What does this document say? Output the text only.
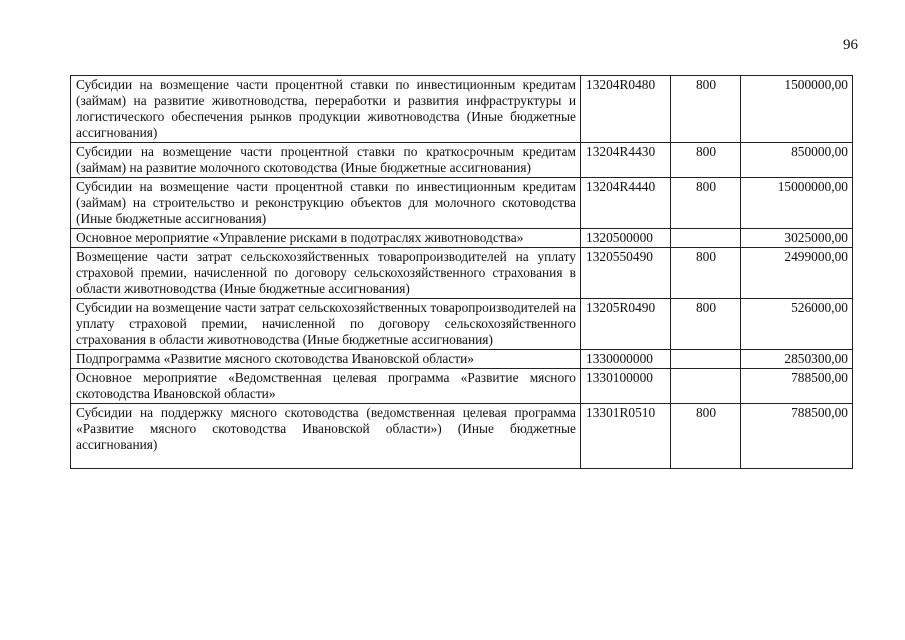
96
Субсидии на возмещение части процентной ставки по инвестиционным кредитам (займам) на развитие животноводства, переработки и развития инфраструктуры и логистического обеспечения рынков продукции животноводства (Иные бюджетные ассигнования)	13204R0480	800	1500000,00
Субсидии на возмещение части процентной ставки по краткосрочным кредитам (займам) на развитие молочного скотоводства (Иные бюджетные ассигнования)	13204R4430	800	850000,00
Субсидии на возмещение части процентной ставки по инвестиционным кредитам (займам) на строительство и реконструкцию объектов для молочного скотоводства (Иные бюджетные ассигнования)	13204R4440	800	15000000,00
Основное мероприятие «Управление рисками в подотраслях животноводства»	1320500000		3025000,00
Возмещение части затрат сельскохозяйственных товаропроизводителей на уплату страховой премии, начисленной по договору сельскохозяйственного страхования в области животноводства (Иные бюджетные ассигнования)	1320550490	800	2499000,00
Субсидии на возмещение части затрат сельскохозяйственных товаропроизводителей на уплату страховой премии, начисленной по договору сельскохозяйственного страхования в области животноводства (Иные бюджетные ассигнования)	13205R0490	800	526000,00
Подпрограмма «Развитие мясного скотоводства Ивановской области»	1330000000		2850300,00
Основное мероприятие «Ведомственная целевая программа «Развитие мясного скотоводства Ивановской области»	1330100000		788500,00
Субсидии на поддержку мясного скотоводства (ведомственная целевая программа «Развитие мясного скотоводства Ивановской области») (Иные бюджетные ассигнования)	13301R0510	800	788500,00
